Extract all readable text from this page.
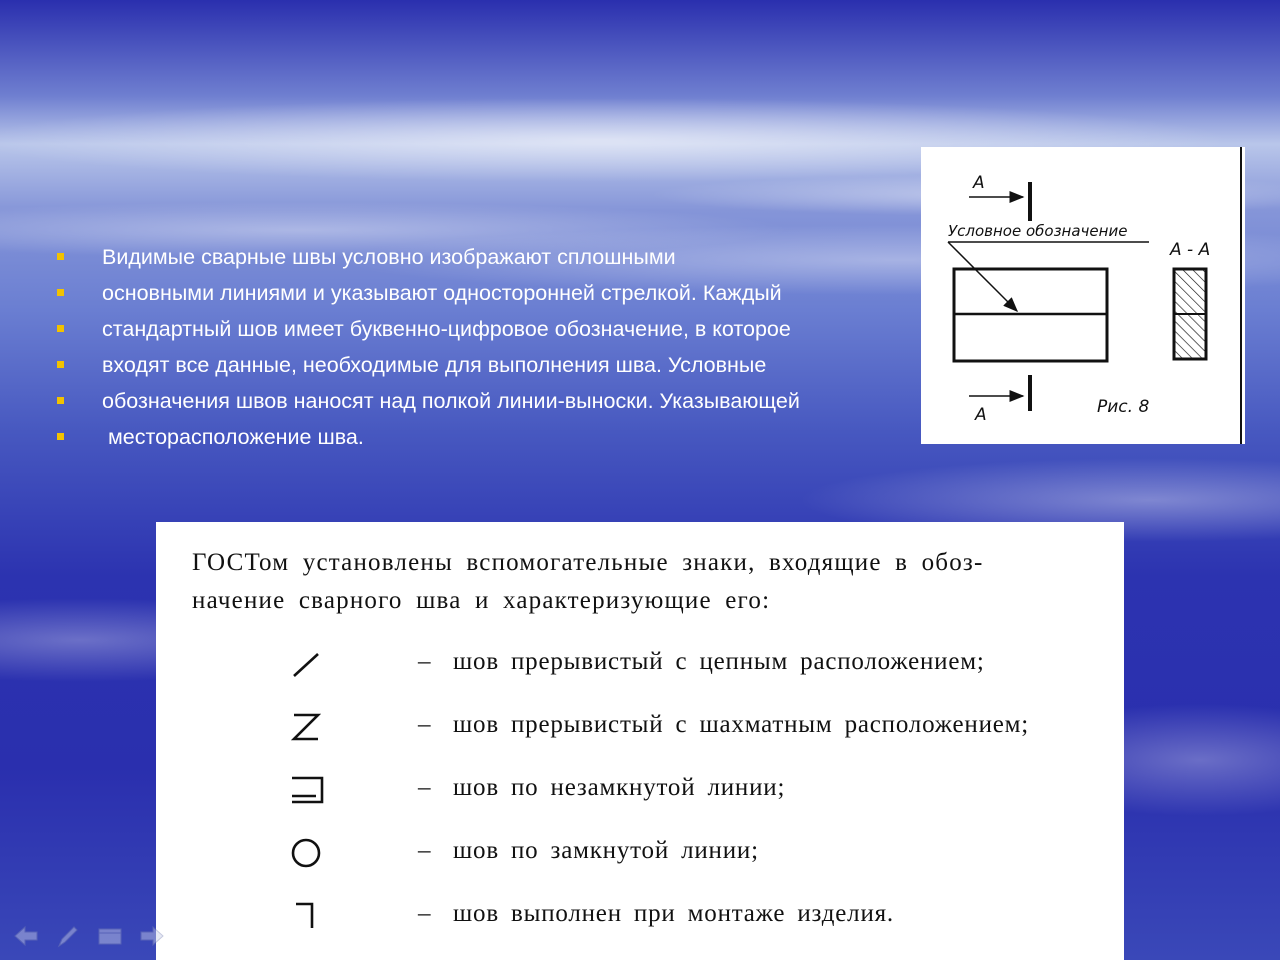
Видимые сварные швы условно изображают сплошными
основными линиями и указывают односторонней стрелкой. Каждый
стандартный шов имеет буквенно-цифровое обозначение, в которое
входят все данные, необходимые для выполнения шва. Условные
обозначения швов наносят над полкой линии-выноски. Указывающей
месторасположение шва.
А
А
Условное обозначение
А - А
Рис. 8
ГОСТом установлены вспомогательные знаки, входящие в обоз-
начение сварного шва и характеризующие его:
– шов прерывистый с цепным расположением;
– шов прерывистый с шахматным расположением;
– шов по незамкнутой линии;
– шов по замкнутой линии;
– шов выполнен при монтаже изделия.
